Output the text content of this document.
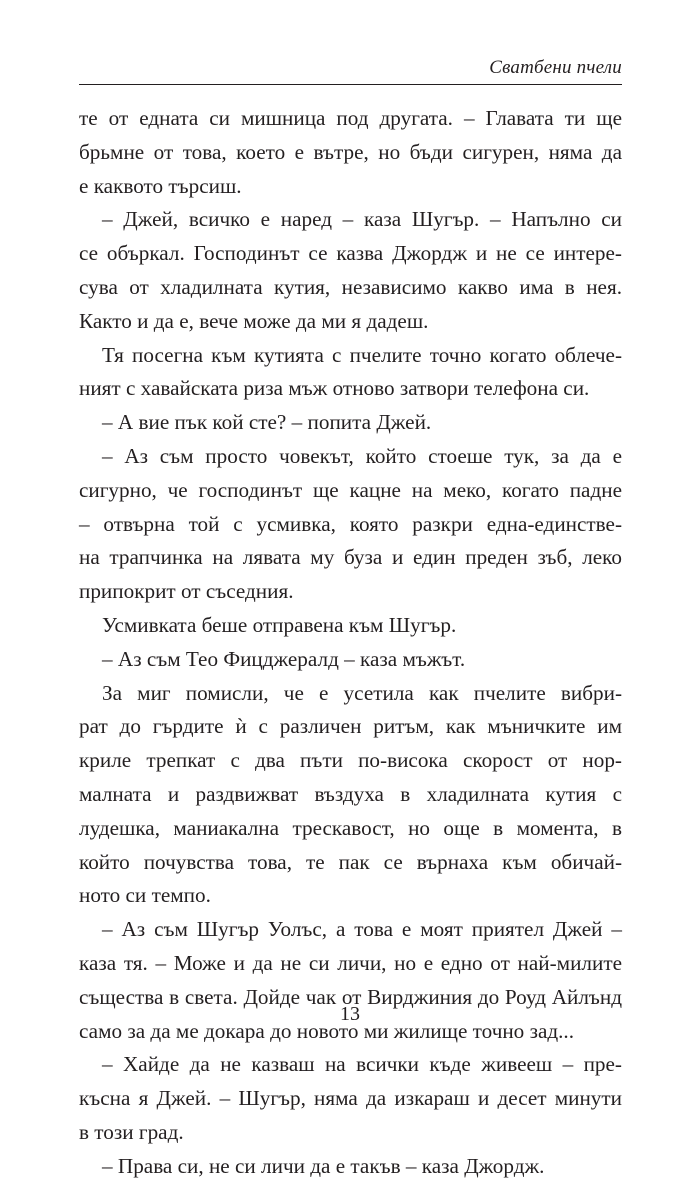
Сватбени пчели
те от едната си мишница под другата. – Главата ти ще
брьмне от това, което е вътре, но бъди сигурен, няма да
е каквото търсиш.
– Джей, всичко е наред – каза Шугър. – Напълно си
се объркал. Господинът се казва Джордж и не се интере-
сува от хладилната кутия, независимо какво има в нея.
Както и да е, вече може да ми я дадеш.
Тя посегна към кутията с пчелите точно когато облече-
ният с хавайската риза мъж отново затвори телефона си.
– А вие пък кой сте? – попита Джей.
– Аз съм просто човекът, който стоеше тук, за да е
сигурно, че господинът ще кацне на меко, когато падне
– отвърна той с усмивка, която разкри една-единстве-
на трапчинка на лявата му буза и един преден зъб, леко
припокрит от съседния.
Усмивката беше отправена към Шугър.
– Аз съм Тео Фицджералд – каза мъжът.
За миг помисли, че е усетила как пчелите вибри-
рат до гърдите ѝ с различен ритъм, как мъничките им
криле трепкат с два пъти по-висока скорост от нор-
малната и раздвижват въздуха в хладилната кутия с
лудешка, маниакална трескавост, но още в момента, в
който почувства това, те пак се върнаха към обичай-
ното си темпо.
– Аз съм Шугър Уолъс, а това е моят приятел Джей –
каза тя. – Може и да не си личи, но е едно от най-милите
същества в света. Дойде чак от Вирджиния до Роуд Айлънд
само за да ме докара до новото ми жилище точно зад...
– Хайде да не казваш на всички къде живееш – пре-
късна я Джей. – Шугър, няма да изкараш и десет минути
в този град.
– Права си, не си личи да е такъв – каза Джордж.
13
